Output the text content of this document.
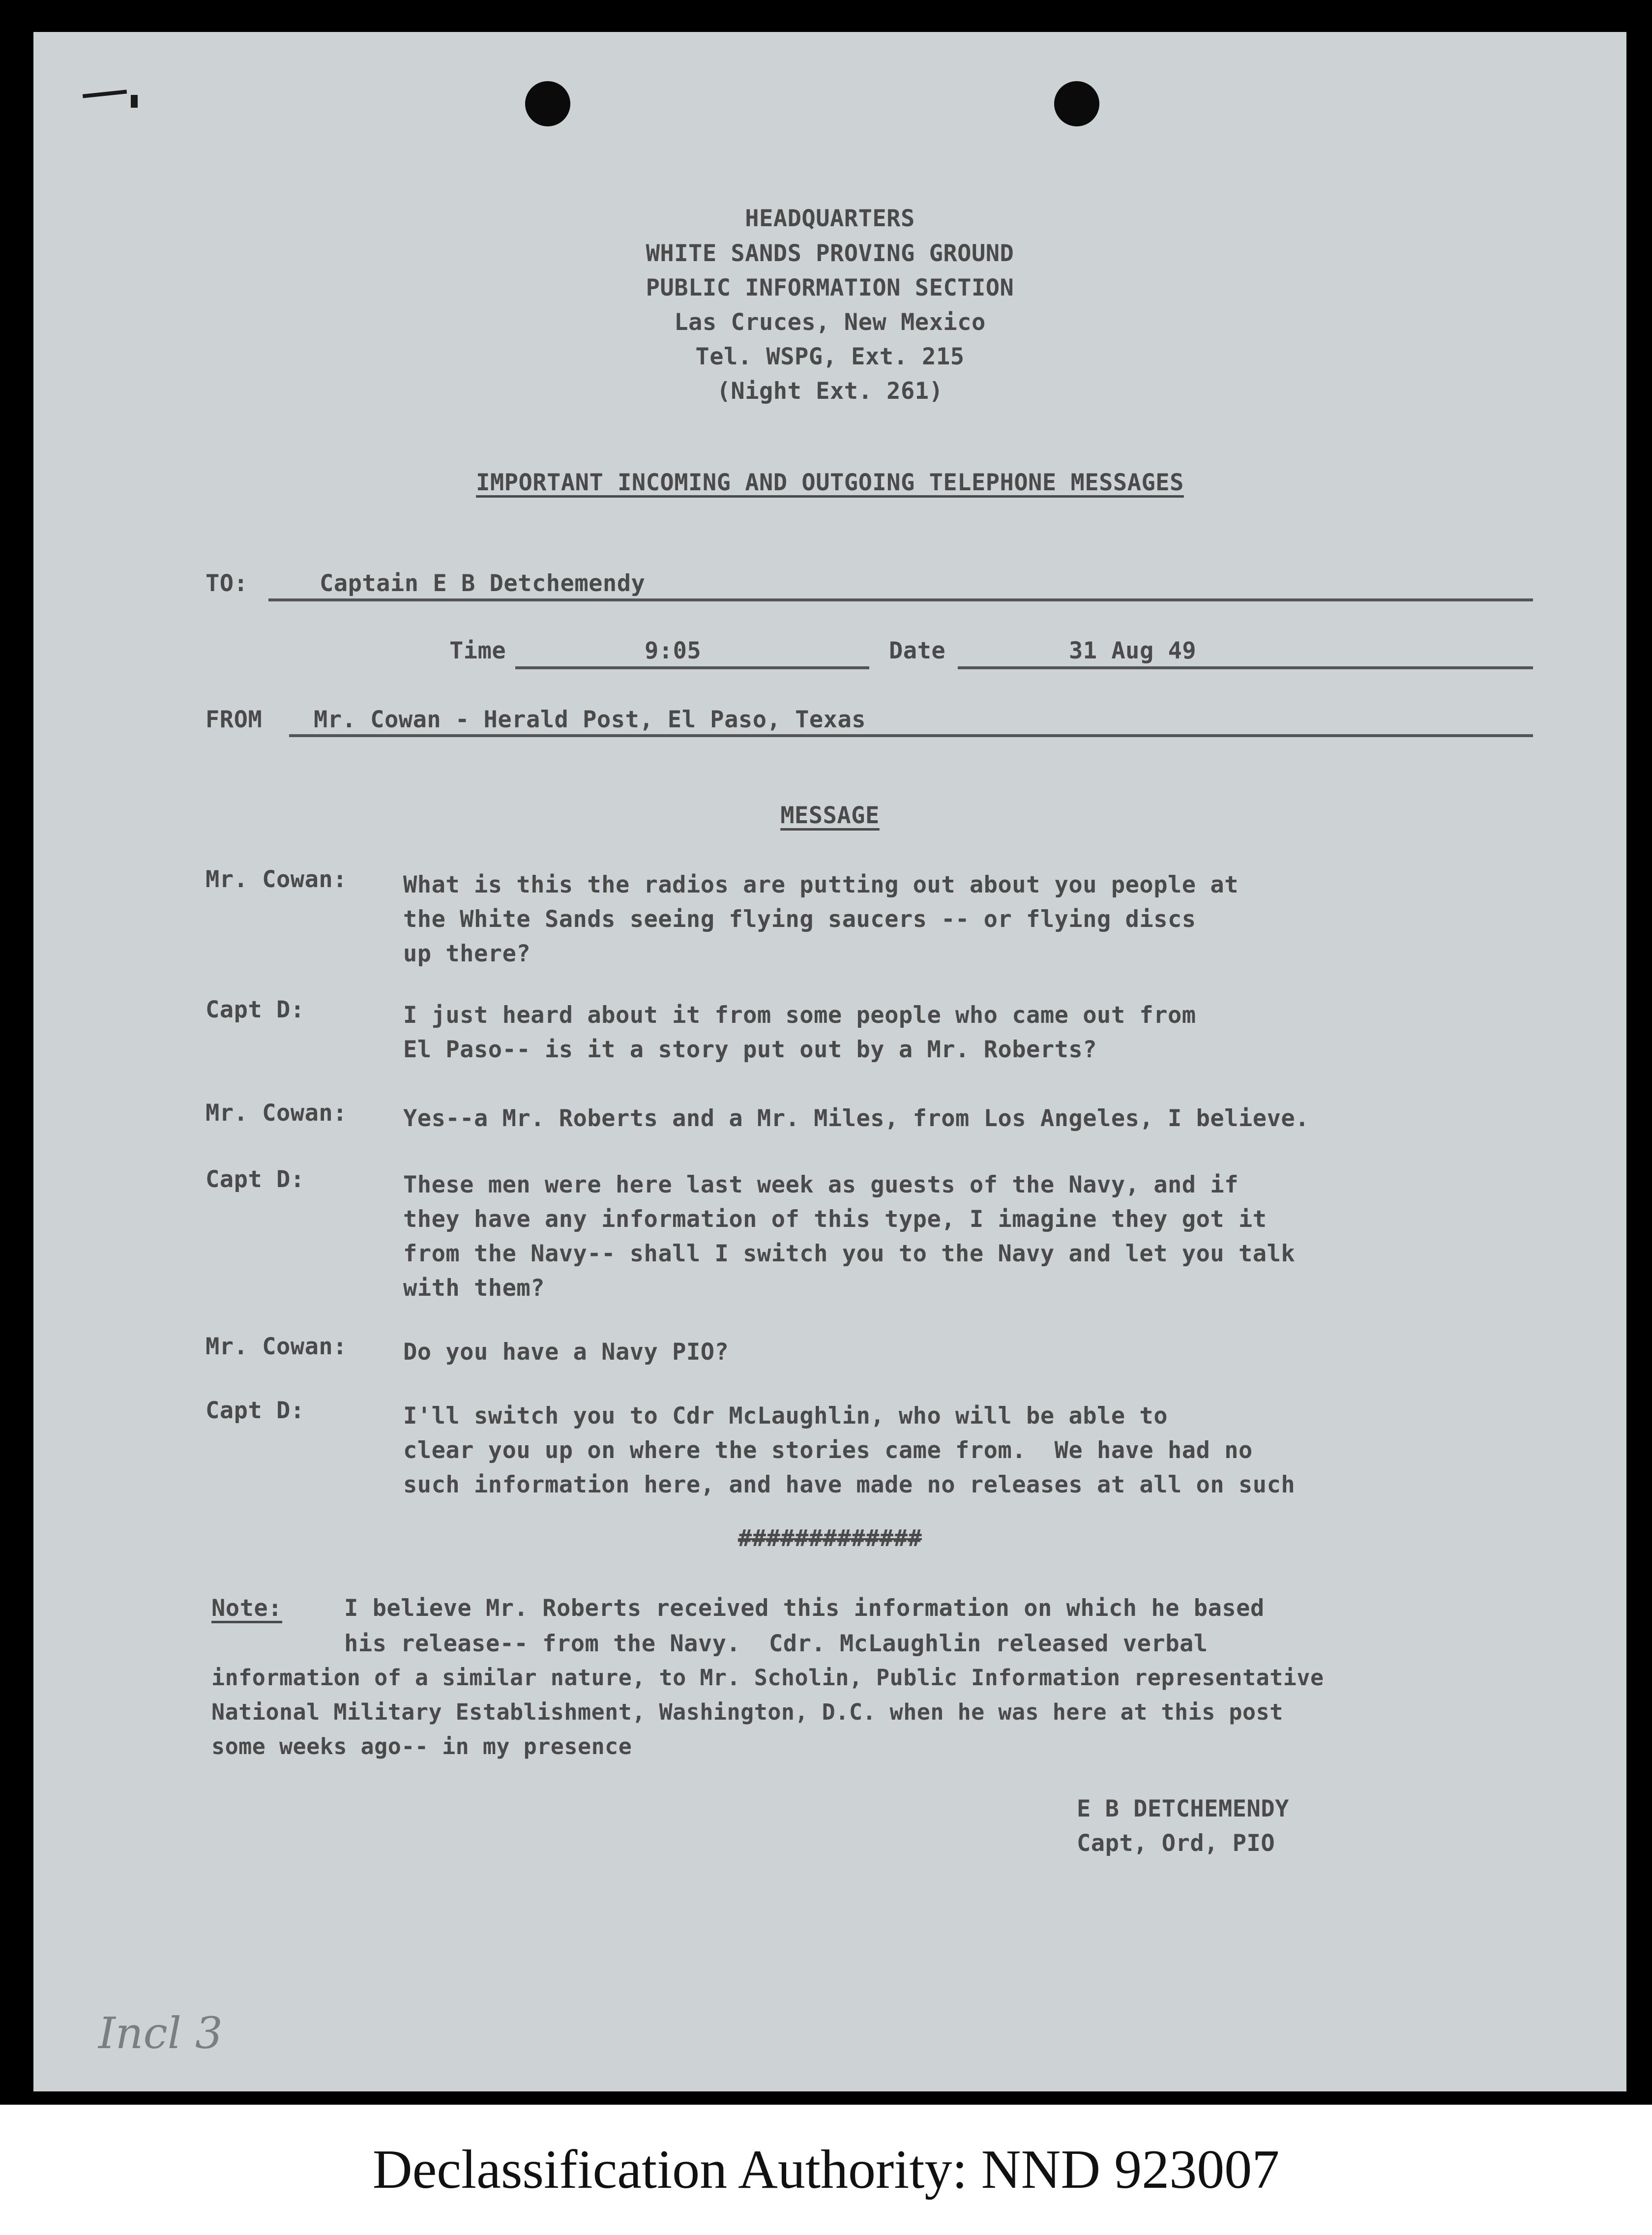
HEADQUARTERS
WHITE SANDS PROVING GROUND
PUBLIC INFORMATION SECTION
Las Cruces, New Mexico
Tel. WSPG, Ext. 215
(Night Ext. 261)
IMPORTANT INCOMING AND OUTGOING TELEPHONE MESSAGES
TO:	Captain E B Detchemendy
Time	9:05	Date	31 Aug 49
FROM Mr. Cowan - Herald Post, El Paso, Texas
MESSAGE
Mr. Cowan: What is this the radios are putting out about you people at
the White Sands seeing flying saucers -- or flying discs
up there?
Capt D:	I just heard about it from some people who came out from
El Paso-- is it a story put out by a Mr. Roberts?
Mr. Cowan: Yes--a Mr. Roberts and a Mr. Miles, from Los Angeles, I believe.
Capt D:	These men were here last week as guests of the Navy, and if
they have any information of this type, I imagine they got it
from the Navy-- shall I switch you to the Navy and let you talk
with them?
Mr. Cowan: Do you have a Navy PIO?
Capt D:	I'll switch you to Cdr McLaughlin, who will be able to
clear you up on where the stories came from.  We have had no
such information here, and have made no releases at all on such
#############
Note:	I believe Mr. Roberts received this information on which he based
his release-- from the Navy.  Cdr. McLaughlin released verbal
information of a similar nature, to Mr. Scholin, Public Information representative
National Military Establishment, Washington, D.C. when he was here at this post
some weeks ago-- in my presence
E B DETCHEMENDY
Capt, Ord, PIO
Incl 3
Declassification Authority: NND 923007
